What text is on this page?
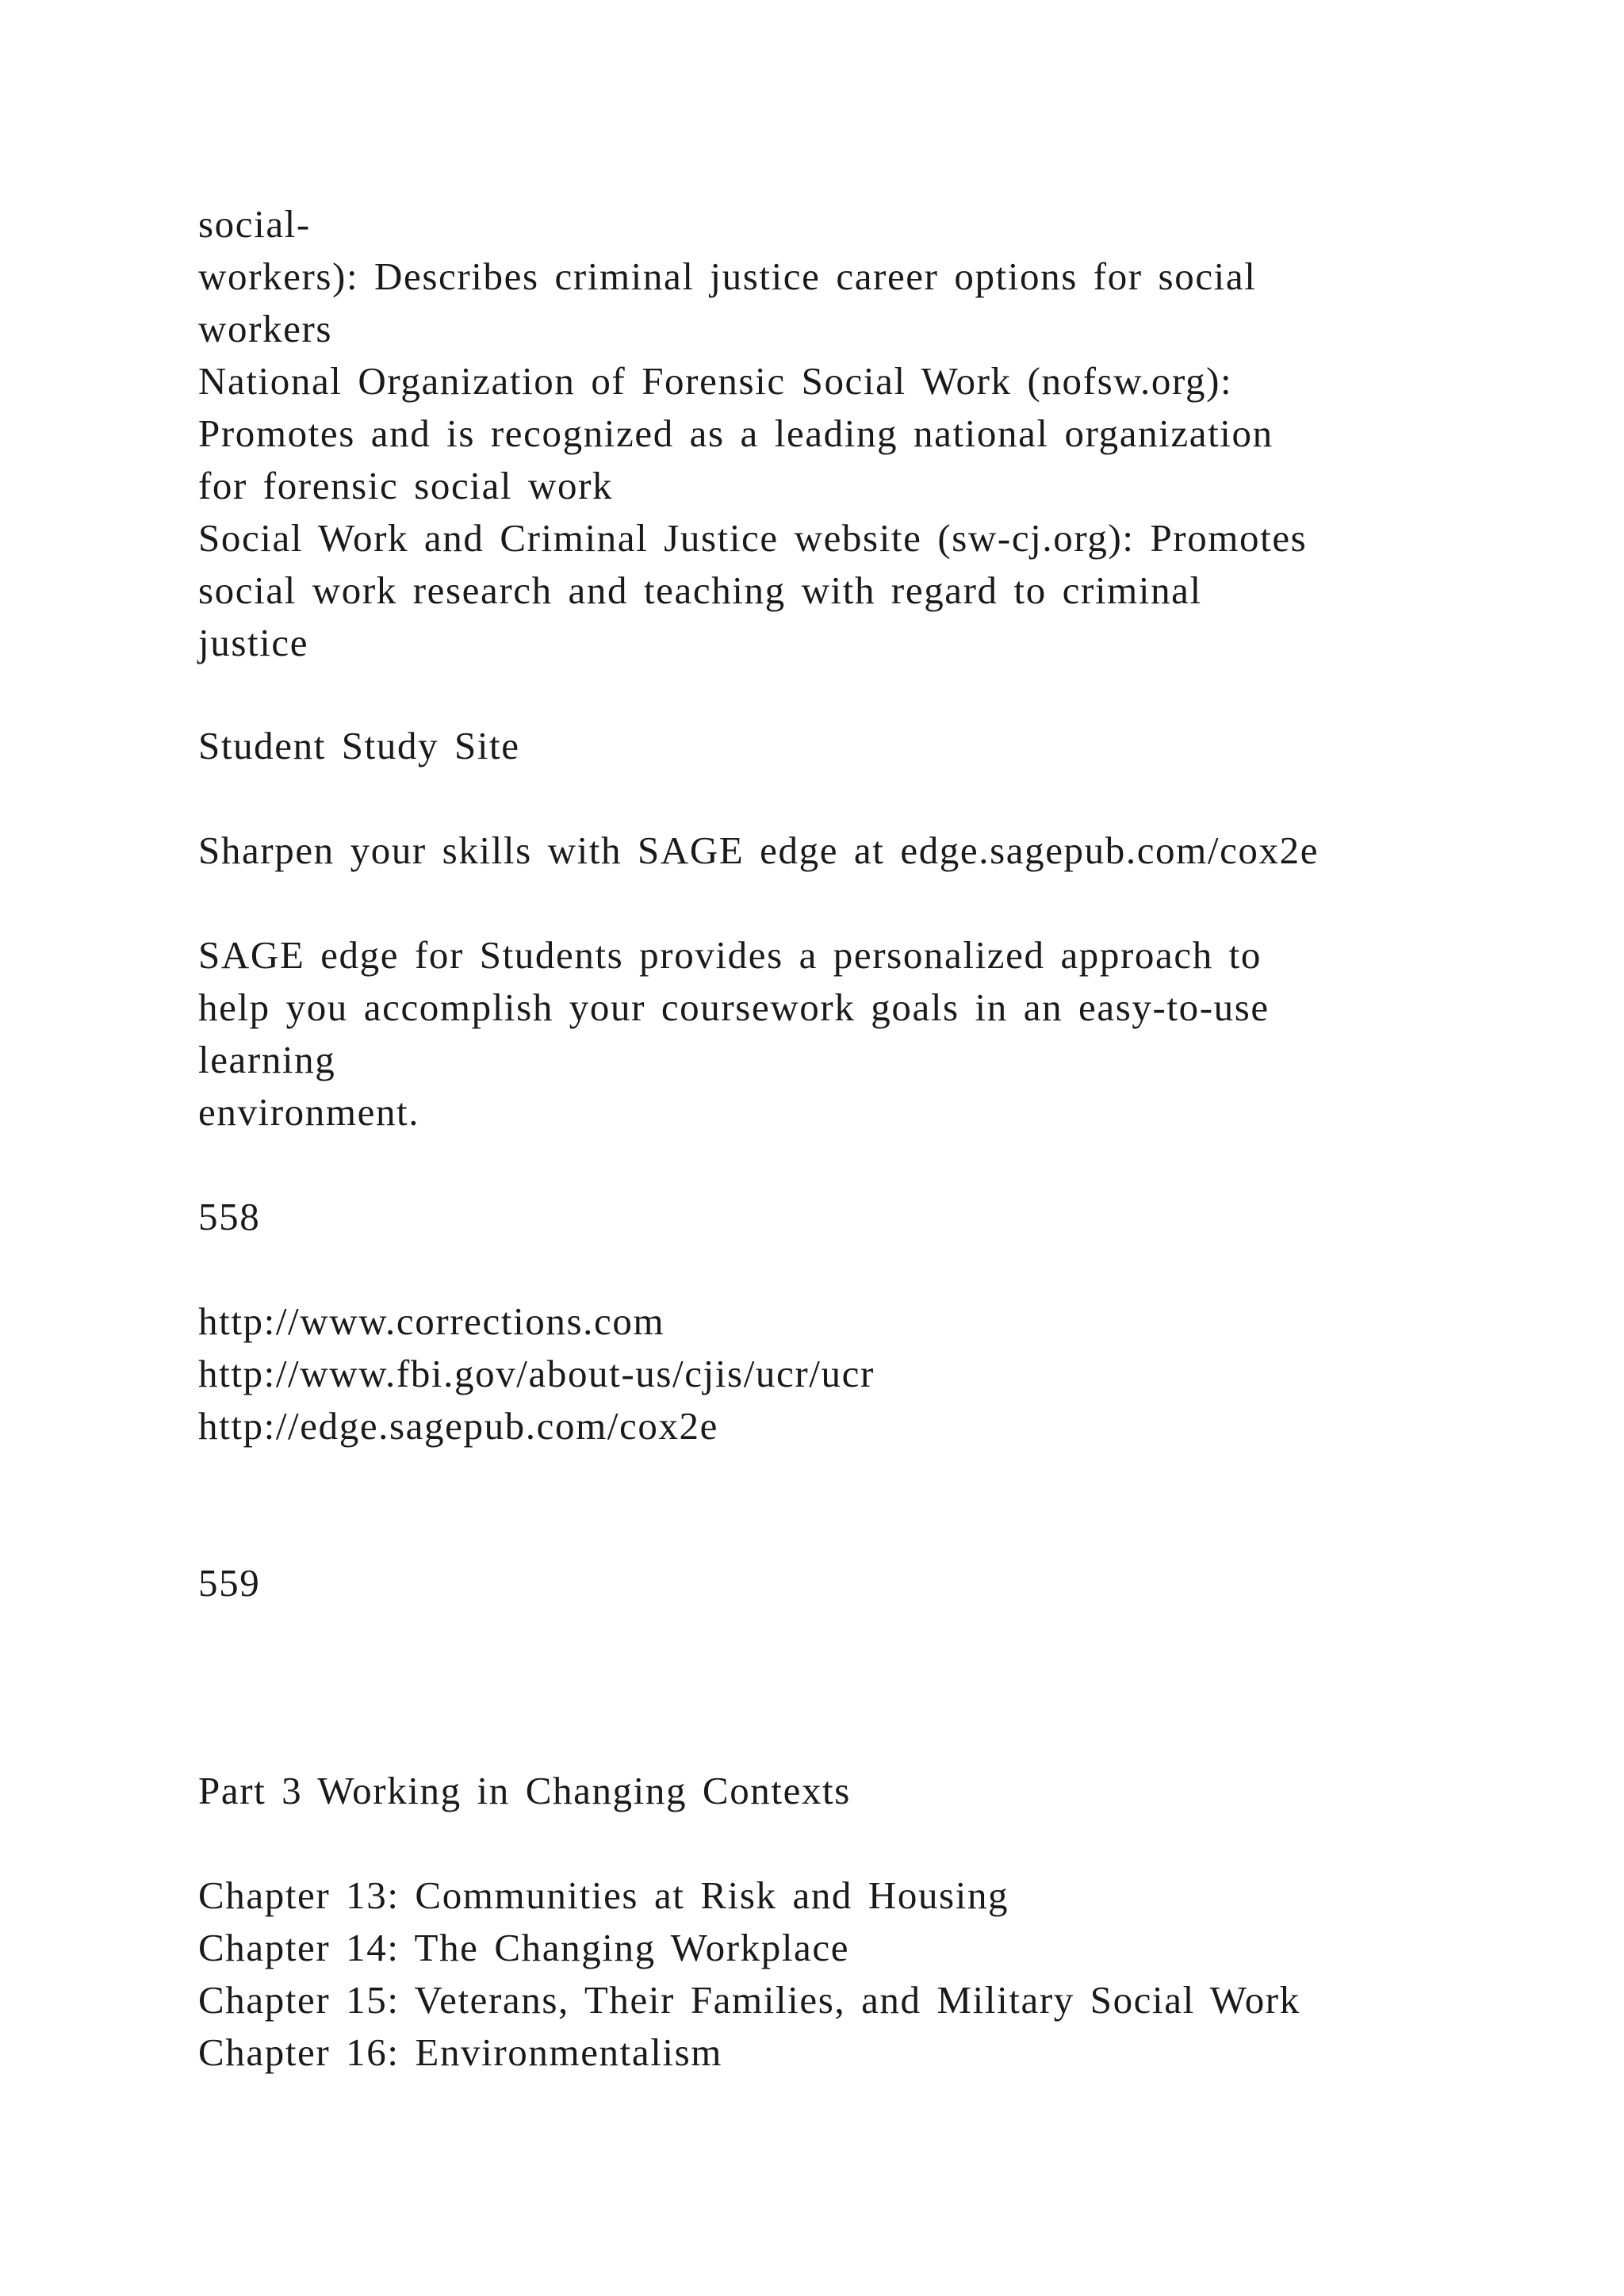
social-
workers): Describes criminal justice career options for social
workers
National Organization of Forensic Social Work (nofsw.org):
Promotes and is recognized as a leading national organization
for forensic social work
Social Work and Criminal Justice website (sw-cj.org): Promotes
social work research and teaching with regard to criminal
justice
Student Study Site
Sharpen your skills with SAGE edge at edge.sagepub.com/cox2e
SAGE edge for Students provides a personalized approach to
help you accomplish your coursework goals in an easy-to-use
learning
environment.
558
http://www.corrections.com
http://www.fbi.gov/about-us/cjis/ucr/ucr
http://edge.sagepub.com/cox2e
559
Part 3 Working in Changing Contexts
Chapter 13: Communities at Risk and Housing
Chapter 14: The Changing Workplace
Chapter 15: Veterans, Their Families, and Military Social Work
Chapter 16: Environmentalism
